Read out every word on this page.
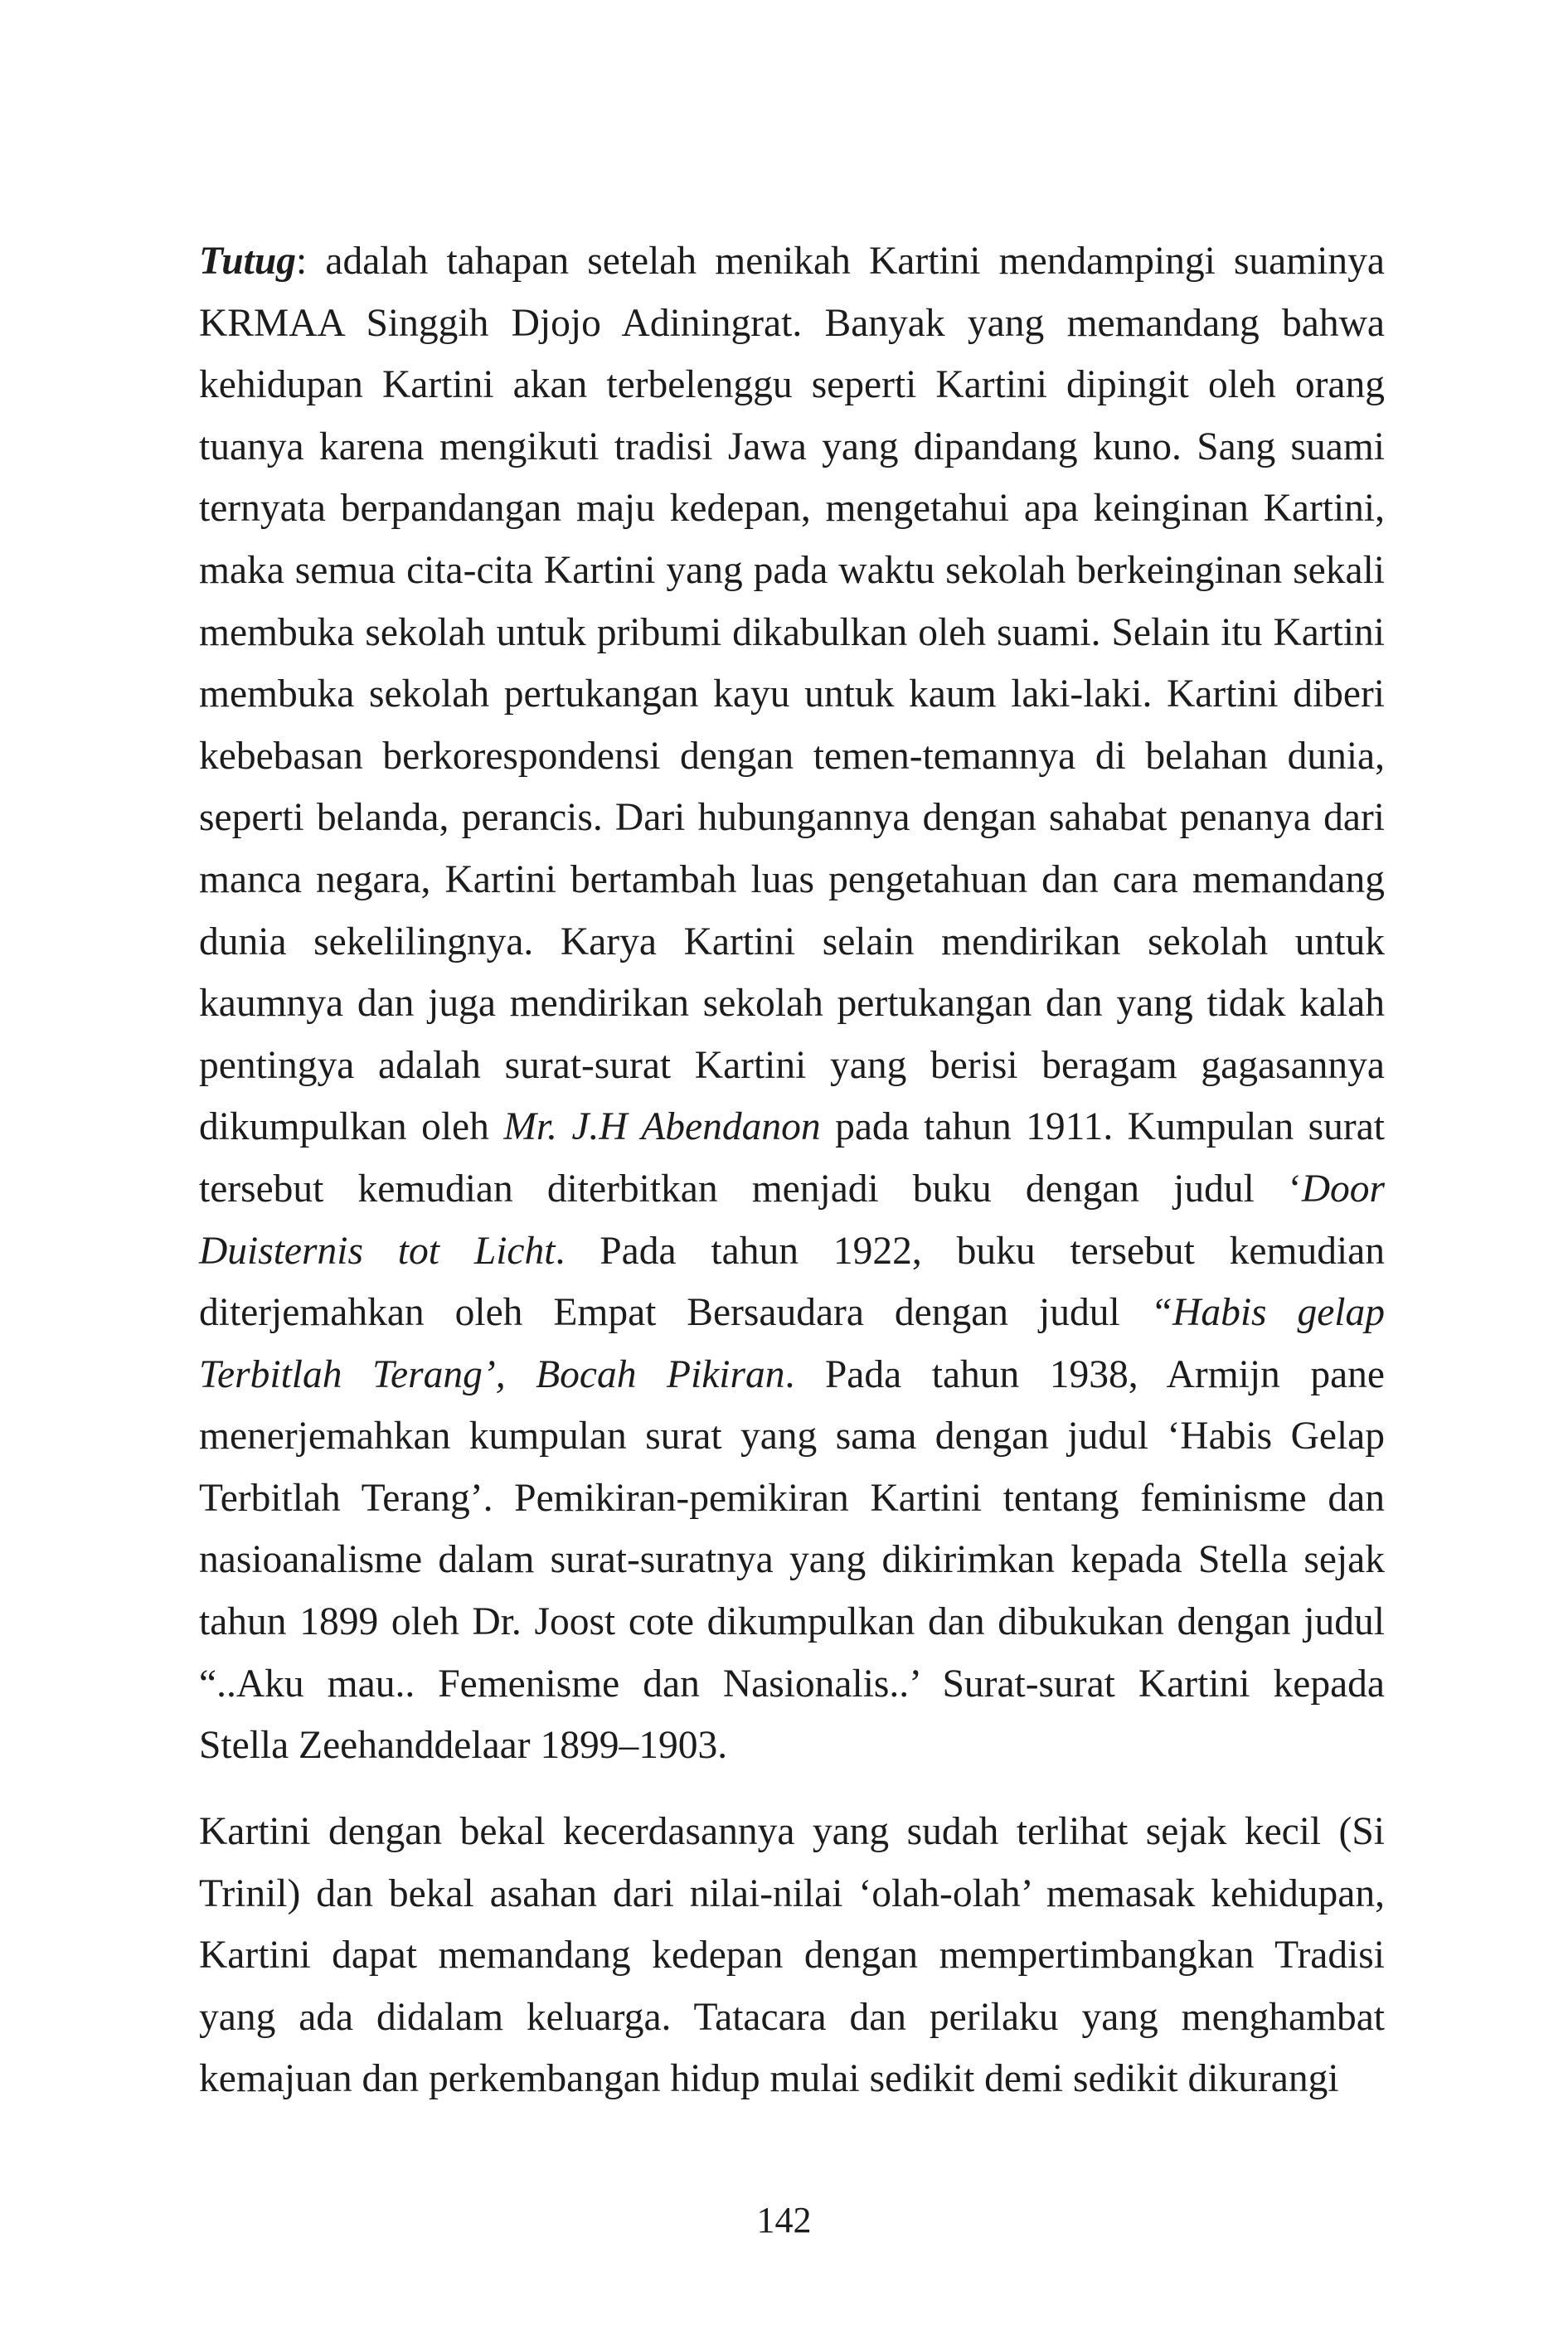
Tutug: adalah tahapan setelah menikah Kartini mendampingi suaminya KRMAA Singgih Djojo Adiningrat. Banyak yang memandang bahwa kehidupan Kartini akan terbelenggu seperti Kartini dipingit oleh orang tuanya karena mengikuti tradisi Jawa yang dipandang kuno. Sang suami ternyata berpandangan maju kedepan, mengetahui apa keinginan Kartini, maka semua cita-cita Kartini yang pada waktu sekolah berkeinginan sekali membuka sekolah untuk pribumi dikabulkan oleh suami. Selain itu Kartini membuka sekolah pertukangan kayu untuk kaum laki-laki. Kartini diberi kebebasan berkorespondensi dengan temen-temannya di belahan dunia, seperti belanda, perancis. Dari hubungannya dengan sahabat penanya dari manca negara, Kartini bertambah luas pengetahuan dan cara memandang dunia sekelilingnya. Karya Kartini selain mendirikan sekolah untuk kaumnya dan juga mendirikan sekolah pertukangan dan yang tidak kalah pentingya adalah surat-surat Kartini yang berisi beragam gagasannya dikumpulkan oleh Mr. J.H Abendanon pada tahun 1911. Kumpulan surat tersebut kemudian diterbitkan menjadi buku dengan judul ‘Door Duisternis tot Licht. Pada tahun 1922, buku tersebut kemudian diterjemahkan oleh Empat Bersaudara dengan judul “Habis gelap Terbitlah Terang’, Bocah Pikiran. Pada tahun 1938, Armijn pane menerjemahkan kumpulan surat yang sama dengan judul ‘Habis Gelap Terbitlah Terang’. Pemikiran-pemikiran Kartini tentang feminisme dan nasioanalisme dalam surat-suratnya yang dikirimkan kepada Stella sejak tahun 1899 oleh Dr. Joost cote dikumpulkan dan dibukukan dengan judul “..Aku mau.. Femenisme dan Nasionalis..’ Surat-surat Kartini kepada Stella Zeehanddelaar 1899–1903.

Kartini dengan bekal kecerdasannya yang sudah terlihat sejak kecil (Si Trinil) dan bekal asahan dari nilai-nilai ‘olah-olah’ memasak kehidupan, Kartini dapat memandang kedepan dengan mempertimbangkan Tradisi yang ada didalam keluarga. Tatacara dan perilaku yang menghambat kemajuan dan perkembangan hidup mulai sedikit demi sedikit dikurangi

142
